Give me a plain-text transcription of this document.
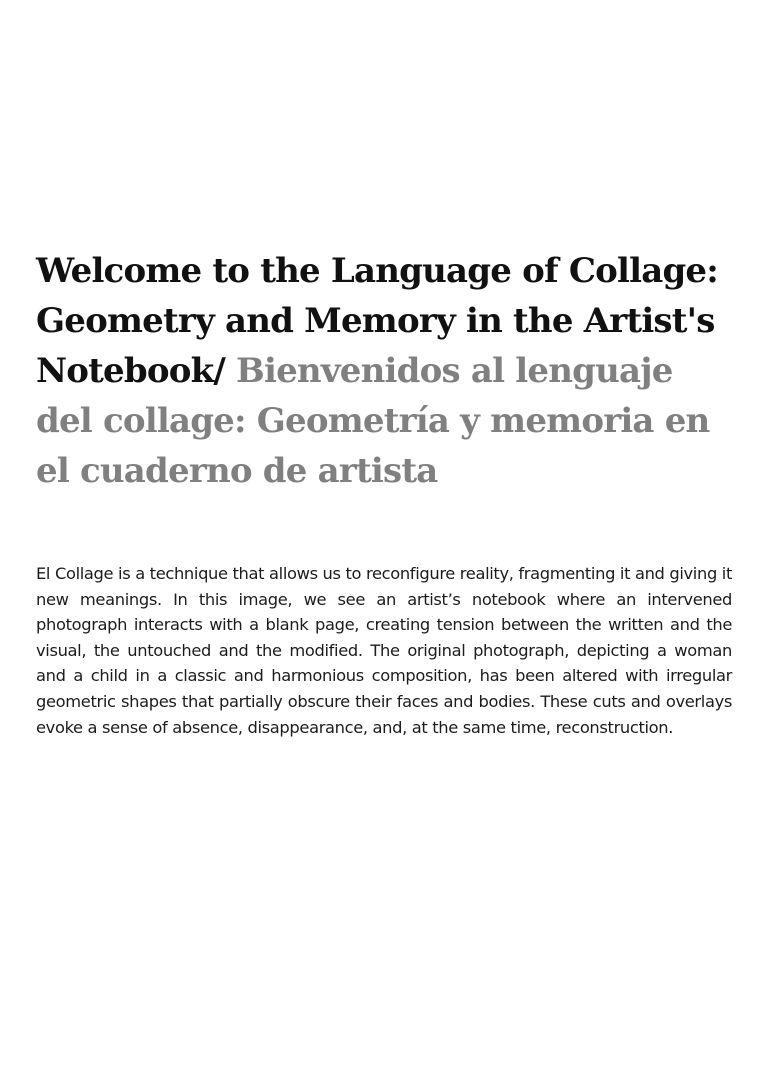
Welcome to the Language of Collage: Geometry and Memory in the Artist's Notebook/ Bienvenidos al lenguaje del collage: Geometría y memoria en el cuaderno de artista

El Collage is a technique that allows us to reconfigure reality, fragmenting it and giving it new meanings. In this image, we see an artist’s notebook where an intervened photograph interacts with a blank page, creating tension between the written and the visual, the untouched and the modified. The original photograph, depicting a woman and a child in a classic and harmonious composition, has been altered with irregular geometric shapes that partially obscure their faces and bodies. These cuts and overlays evoke a sense of absence, disappearance, and, at the same time, reconstruction.
